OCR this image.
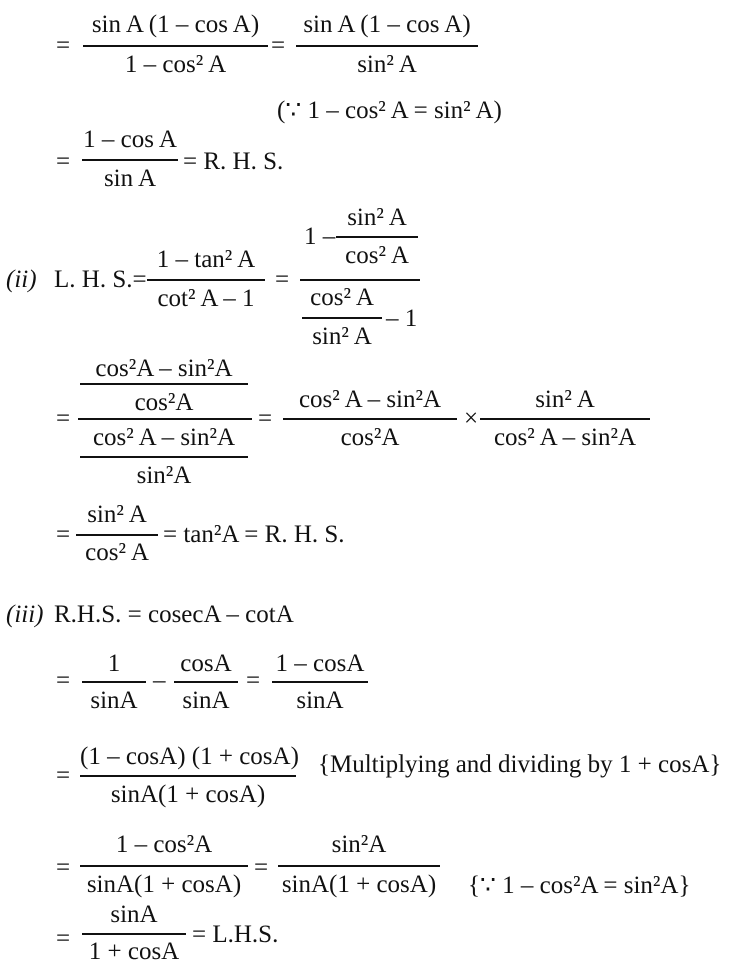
=
sin A (1 – cos A)
1 – cos² A
=
sin A (1 – cos A)
sin² A
(∵ 1 – cos² A = sin² A)
=
1 – cos A
sin A
= R. H. S.
(ii) L. H. S.=
1 – tan² A
cot² A – 1
=
1 –
sin² A
cos² A
cos² A
sin² A
– 1
=
cos²A – sin²A
cos²A
cos² A – sin²A
sin²A
=
cos² A – sin²A
cos²A
×
sin² A
cos² A – sin²A
=
sin² A
cos² A
= tan²A = R. H. S.
(iii) R.H.S. = cosecA – cotA
=
1
sinA
–
cosA
sinA
=
1 – cosA
sinA
=
(1 – cosA) (1 + cosA)
sinA(1 + cosA)
{Multiplying and dividing by 1 + cosA}
=
1 – cos²A
sinA(1 + cosA)
=
sin²A
sinA(1 + cosA) {∵ 1 – cos²A = sin²A}
=
sinA
1 + cosA
= L.H.S.
